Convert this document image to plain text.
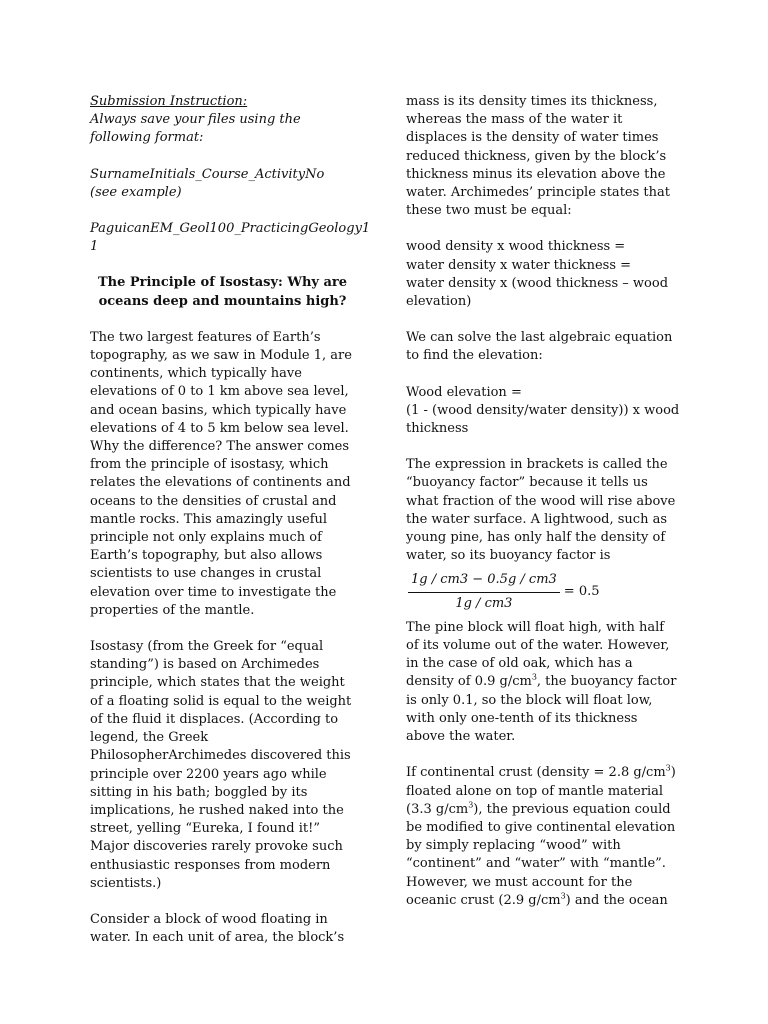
Submission Instruction:

Always save your files using the following format:

SurnameInitials_Course_ActivityNo (see example)

PaguicanEM_Geol100_PracticingGeology1 1

The Principle of Isostasy: Why are oceans deep and mountains high?

The two largest features of Earth’s topography, as we saw in Module 1, are continents, which typically have elevations of 0 to 1 km above sea level, and ocean basins, which typically have elevations of 4 to 5 km below sea level. Why the difference? The answer comes from the principle of isostasy, which relates the elevations of continents and oceans to the densities of crustal and mantle rocks. This amazingly useful principle not only explains much of Earth’s topography, but also allows scientists to use changes in crustal elevation over time to investigate the properties of the mantle.

Isostasy (from the Greek for “equal standing”) is based on Archimedes principle, which states that the weight of a floating solid is equal to the weight of the fluid it displaces. (According to legend, the Greek PhilosopherArchimedes discovered this principle over 2200 years ago while sitting in his bath; boggled by its implications, he rushed naked into the street, yelling “Eureka, I found it!” Major discoveries rarely provoke such enthusiastic responses from modern scientists.)

Consider a block of wood floating in water. In each unit of area, the block’s

mass is its density times its thickness, whereas the mass of the water it displaces is the density of water times reduced thickness, given by the block’s thickness minus its elevation above the water. Archimedes’ principle states that these two must be equal:

wood density x wood thickness =

water density x water thickness =

water density x (wood thickness – wood elevation)

We can solve the last algebraic equation to find the elevation:

Wood elevation =

(1 - (wood density/water density)) x wood thickness

The expression in brackets is called the “buoyancy factor” because it tells us what fraction of the wood will rise above the water surface. A lightwood, such as young pine, has only half the density of water, so its buoyancy factor is

$\frac{1g / cm3 - 0.5g / cm3}{1g / cm3} = 0.5$

The pine block will float high, with half of its volume out of the water. However, in the case of old oak, which has a density of 0.9 $g/cm^3$, the buoyancy factor is only 0.1, so the block will float low, with only one-tenth of its thickness above the water.

If continental crust (density = 2.8 $g/cm^3$) floated alone on top of mantle material (3.3 $g/cm^3$), the previous equation could be modified to give continental elevation by simply replacing “wood” with “continent” and “water” with “mantle”. However, we must account for the oceanic crust (2.9 $g/cm^3$) and the ocean
